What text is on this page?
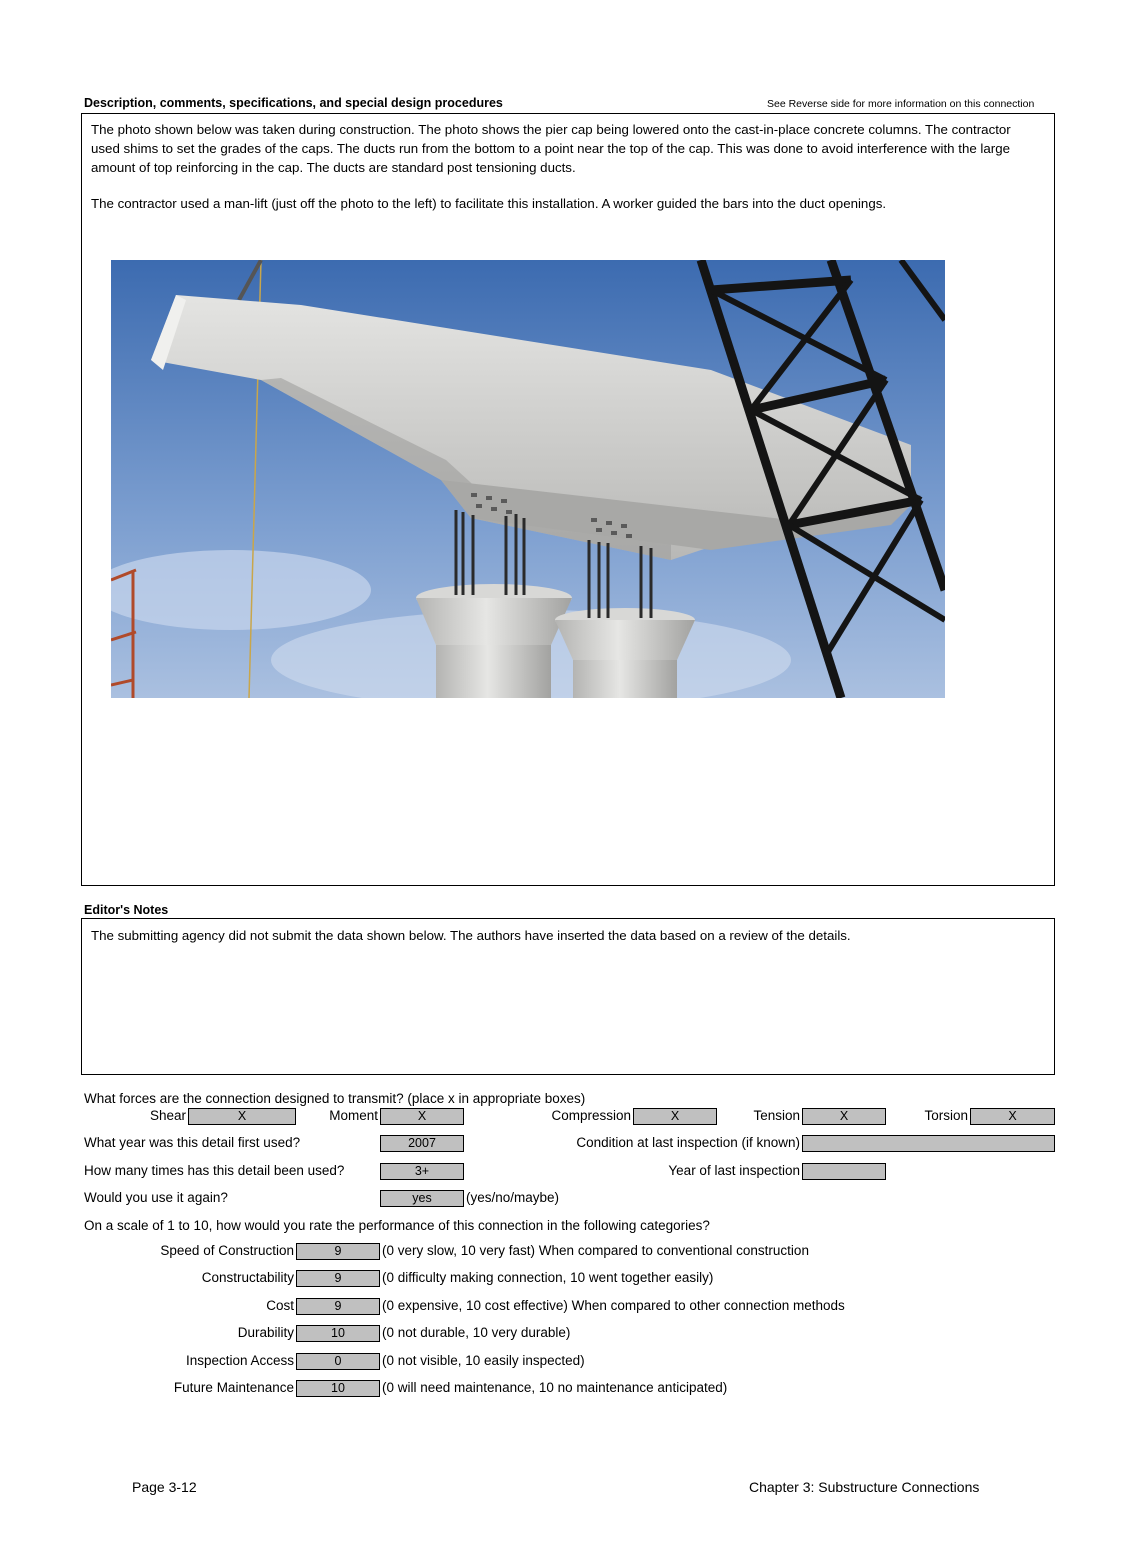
Description, comments, specifications, and special design procedures	See Reverse side for more information on this connection

The photo shown below was taken during construction. The photo shows the pier cap being lowered onto the cast-in-place concrete columns. The contractor used shims to set the grades of the caps. The ducts run from the bottom to a point near the top of the cap. This was done to avoid interference with the large amount of top reinforcing in the cap. The ducts are standard post tensioning ducts.

The contractor used a man-lift (just off the photo to the left) to facilitate this installation. A worker guided the bars into the duct openings.

Editor's Notes

The submitting agency did not submit the data shown below. The authors have inserted the data based on a review of the details.

What forces are the connection designed to transmit? (place x in appropriate boxes)
Shear	X	Moment	X	Compression	X	Tension	X	Torsion	X
What year was this detail first used?	2007	Condition at last inspection (if known)
How many times has this detail been used?	3+	Year of last inspection
Would you use it again?	yes	(yes/no/maybe)
On a scale of 1 to 10, how would you rate the performance of this connection in the following categories?
Speed of Construction	9	(0 very slow, 10 very fast) When compared to conventional construction
Constructability	9	(0 difficulty making connection, 10 went together easily)
Cost	9	(0 expensive, 10 cost effective) When compared to other connection methods
Durability	10	(0 not durable, 10 very durable)
Inspection Access	0	(0 not visible, 10 easily inspected)
Future Maintenance	10	(0 will need maintenance, 10 no maintenance anticipated)
Page 3-12	Chapter 3: Substructure Connections
